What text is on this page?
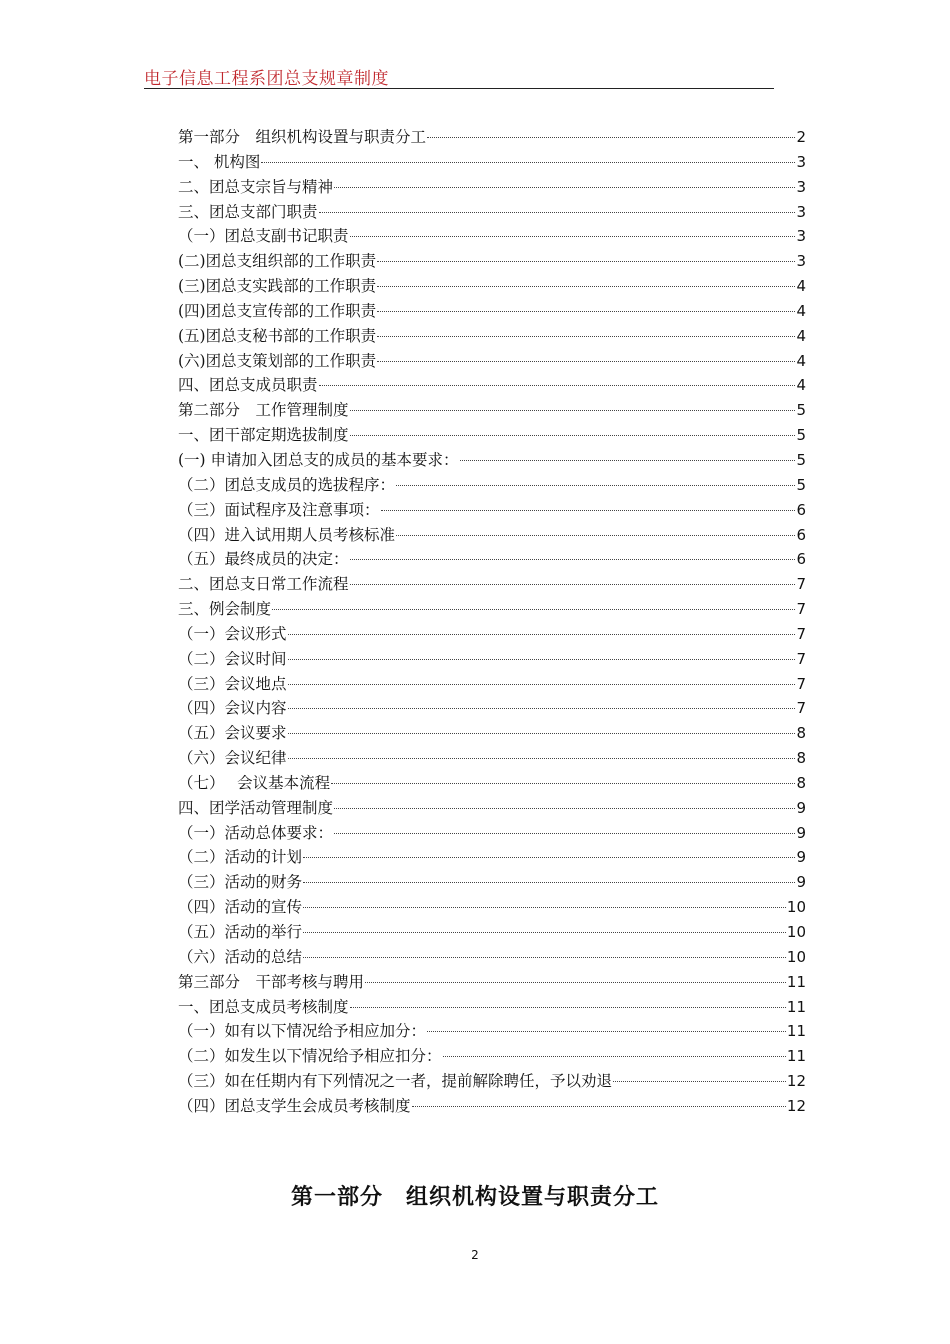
电子信息工程系团总支规章制度
第一部分　组织机构设置与职责分工	2
一、 机构图	3
二、团总支宗旨与精神	3
三、团总支部门职责	3
（一）团总支副书记职责	3
(二)团总支组织部的工作职责	3
(三)团总支实践部的工作职责	4
(四)团总支宣传部的工作职责	4
(五)团总支秘书部的工作职责	4
(六)团总支策划部的工作职责	4
四、团总支成员职责	4
第二部分　工作管理制度	5
一、团干部定期选拔制度	5
(一) 申请加入团总支的成员的基本要求：	5
（二）团总支成员的选拔程序：	5
（三）面试程序及注意事项：	6
（四）进入试用期人员考核标准	6
（五）最终成员的决定：	6
二、团总支日常工作流程	7
三、例会制度	7
（一）会议形式	7
（二）会议时间	7
（三）会议地点	7
（四）会议内容	7
（五）会议要求	8
（六）会议纪律	8
（七）　 会议基本流程	8
四、团学活动管理制度	9
（一）活动总体要求：	9
（二）活动的计划	9
（三）活动的财务	9
（四）活动的宣传	10
（五）活动的举行	10
（六）活动的总结	10
第三部分　干部考核与聘用	11
一、团总支成员考核制度	11
（一）如有以下情况给予相应加分：	11
（二）如发生以下情况给予相应扣分：	11
（三）如在任期内有下列情况之一者，提前解除聘任，予以劝退	12
（四）团总支学生会成员考核制度	12
第一部分　组织机构设置与职责分工
2
